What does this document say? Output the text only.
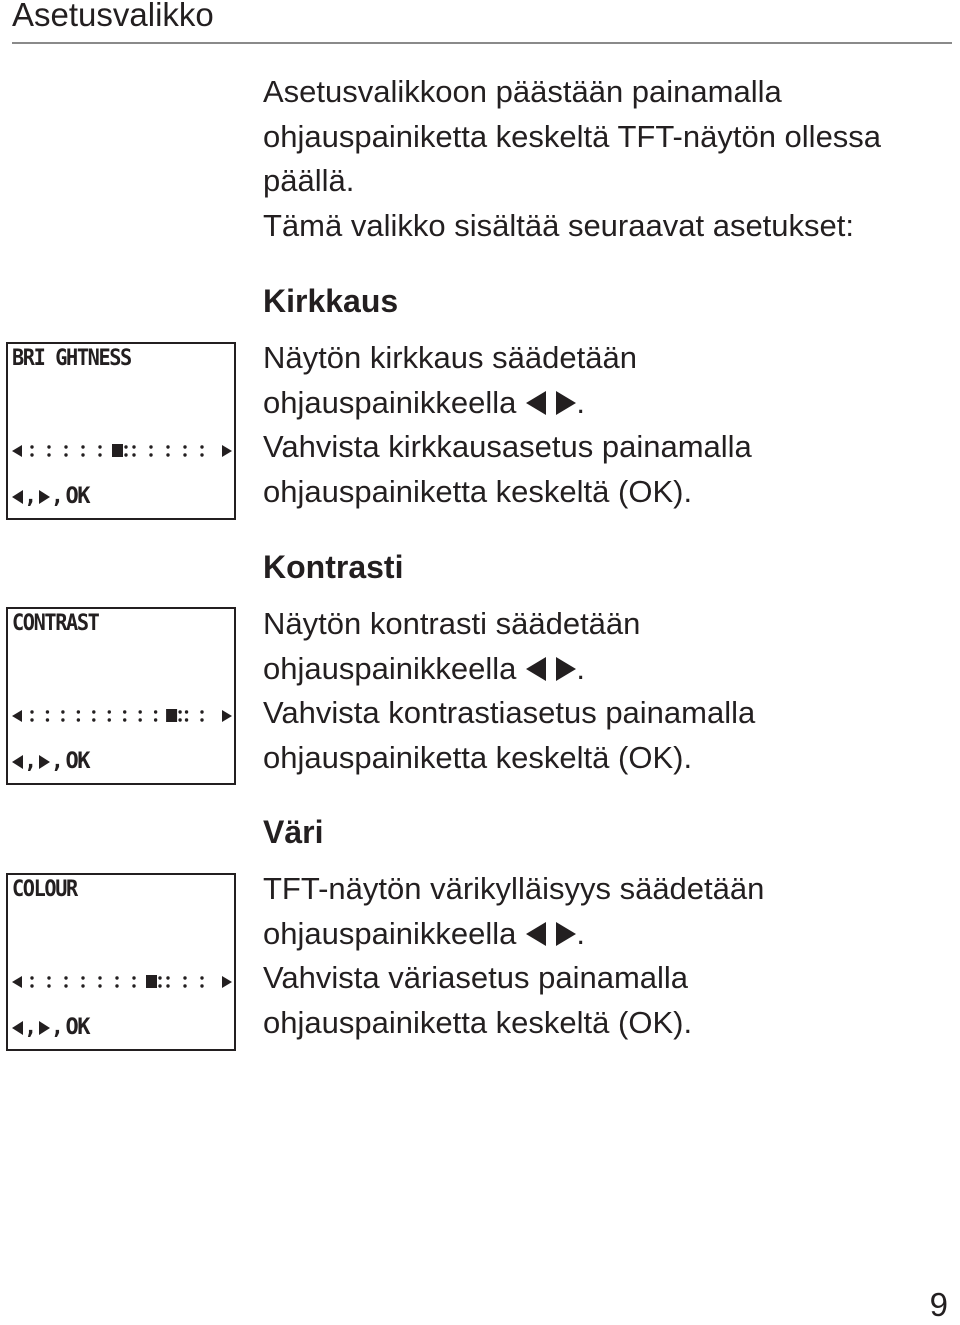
Asetusvalikko

Asetusvalikkoon päästään painamalla ohjauspainiketta keskeltä TFT-näytön ollessa päällä.

Tämä valikko sisältää seuraavat asetukset:

Kirkkaus
BRI GHTNESS
, , OK
Näytön kirkkaus säädetään
ohjauspainikkeella .
Vahvista kirkkausasetus painamalla
ohjauspainiketta keskeltä (OK).
Kontrasti
CONTRAST
, , OK
Näytön kontrasti säädetään
ohjauspainikkeella .
Vahvista kontrastiasetus painamalla
ohjauspainiketta keskeltä (OK).
Väri
COLOUR
, , OK
TFT-näytön värikylläisyys säädetään
ohjauspainikkeella .
Vahvista väriasetus painamalla
ohjauspainiketta keskeltä (OK).
9
